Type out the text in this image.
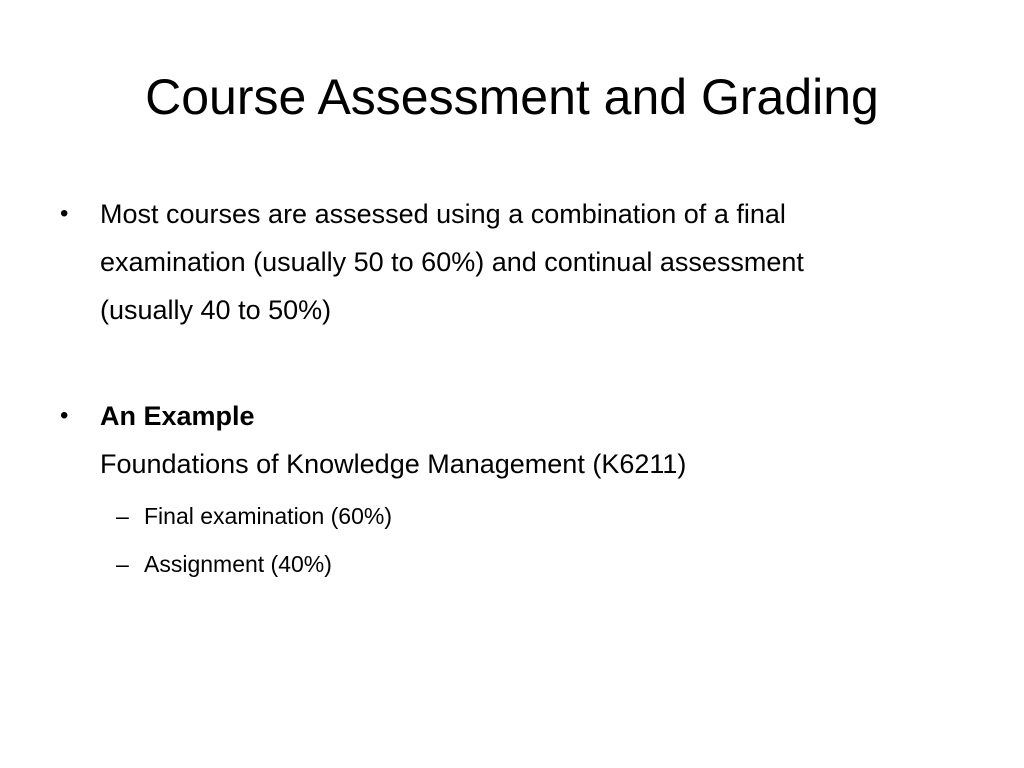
Course Assessment and Grading
• Most courses are assessed using a combination of a final
examination (usually 50 to 60%) and continual assessment
(usually 40 to 50%)
• An Example
Foundations of Knowledge Management (K6211)
– Final examination (60%)
– Assignment (40%)
